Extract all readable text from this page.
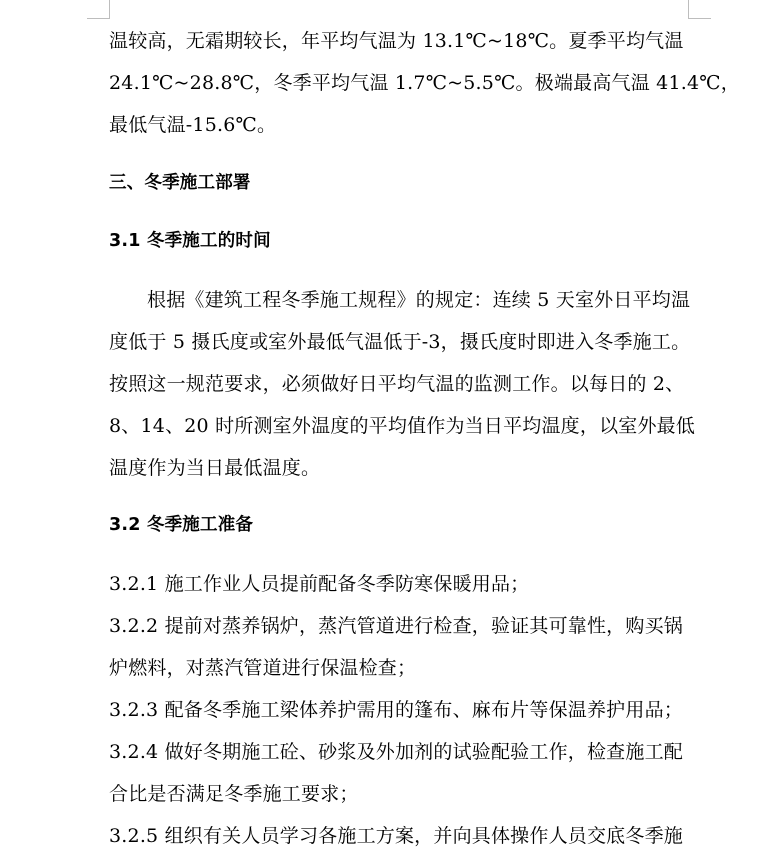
温较高，无霜期较长，年平均气温为 13.1℃~18℃。夏季平均气温
24.1℃~28.8℃，冬季平均气温 1.7℃~5.5℃。极端最高气温 41.4℃，
最低气温-15.6℃。
三、冬季施工部署
3.1 冬季施工的时间
根据《建筑工程冬季施工规程》的规定：连续 5 天室外日平均温
度低于 5 摄氏度或室外最低气温低于-3，摄氏度时即进入冬季施工。
按照这一规范要求，必须做好日平均气温的监测工作。以每日的 2、
8、14、20 时所测室外温度的平均值作为当日平均温度，以室外最低
温度作为当日最低温度。
3.2 冬季施工准备
3.2.1 施工作业人员提前配备冬季防寒保暖用品；
3.2.2 提前对蒸养锅炉，蒸汽管道进行检查，验证其可靠性，购买锅
炉燃料，对蒸汽管道进行保温检查；
3.2.3 配备冬季施工梁体养护需用的篷布、麻布片等保温养护用品；
3.2.4 做好冬期施工砼、砂浆及外加剂的试验配验工作，检查施工配
合比是否满足冬季施工要求；
3.2.5 组织有关人员学习各施工方案，并向具体操作人员交底冬季施
